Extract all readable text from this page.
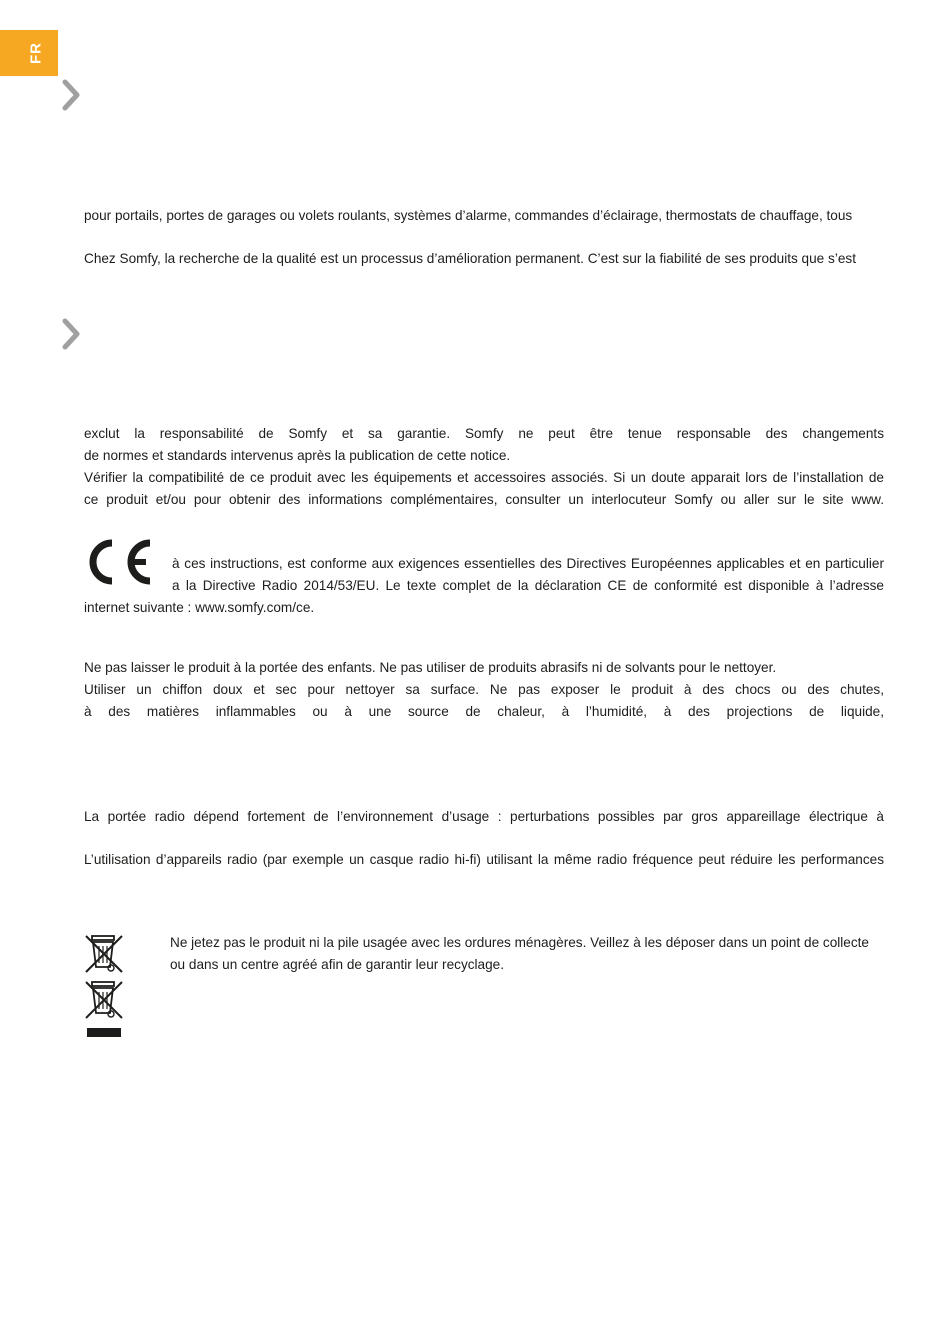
FR

pour portails, portes de garages ou volets roulants, systèmes d’alarme, commandes d’éclairage, thermostats de chauffage, tous

Chez Somfy, la recherche de la qualité est un processus d’amélioration permanent. C’est sur la fiabilité de ses produits que s’est

exclut la responsabilité de Somfy et sa garantie. Somfy ne peut être tenue responsable des changements

de normes et standards intervenus après la publication de cette notice.

Vérifier la compatibilité de ce produit avec les équipements et accessoires associés. Si un doute apparait lors de l’installation de

ce produit et/ou pour obtenir des informations complémentaires, consulter un interlocuteur Somfy ou aller sur le site www.

à ces instructions, est conforme aux exigences essentielles des Directives Européennes applicables et en particulier

a la Directive Radio 2014/53/EU. Le texte complet de la déclaration CE de conformité est disponible à l’adresse

internet suivante : www.somfy.com/ce.

Ne pas laisser le produit à la portée des enfants. Ne pas utiliser de produits abrasifs ni de solvants pour le nettoyer.

Utiliser un chiffon doux et sec pour nettoyer sa surface. Ne pas exposer le produit à des chocs ou des chutes,

à des matières inflammables ou à une source de chaleur, à l’humidité, à des projections de liquide,

La portée radio dépend fortement de l’environnement d’usage : perturbations possibles par gros appareillage électrique à

L’utilisation d’appareils radio (par exemple un casque radio hi-fi) utilisant la même radio fréquence peut réduire les performances

Ne jetez pas le produit ni la pile usagée avec les ordures ménagères. Veillez à les déposer dans un point de collecte
ou dans un centre agréé afin de garantir leur recyclage.
